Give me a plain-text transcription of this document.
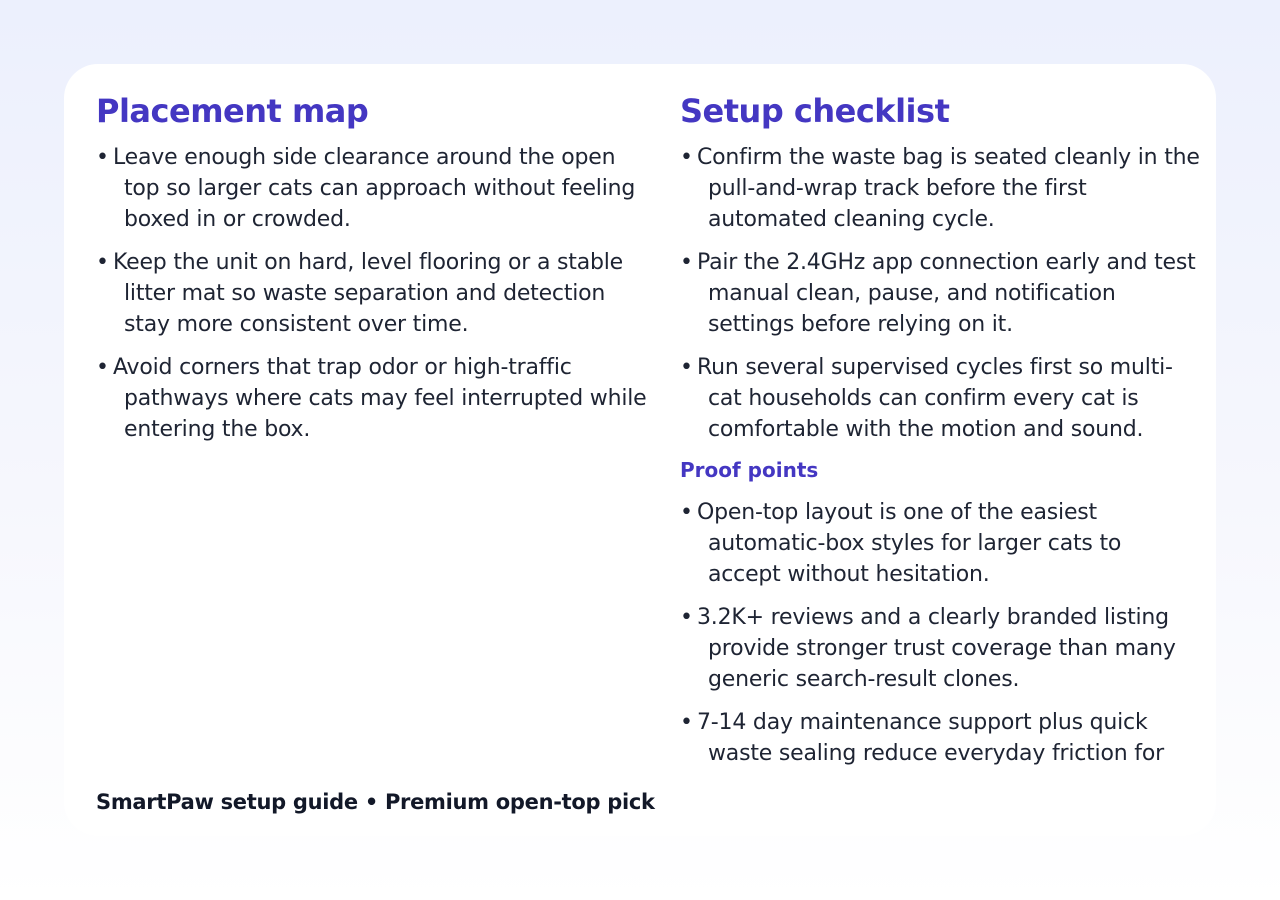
Placement map
• Leave enough side clearance around the open top so larger cats can approach without feeling boxed in or crowded.
• Keep the unit on hard, level flooring or a stable litter mat so waste separation and detection stay more consistent over time.
• Avoid corners that trap odor or high-traffic pathways where cats may feel interrupted while entering the box.
Setup checklist
• Confirm the waste bag is seated cleanly in the pull-and-wrap track before the first automated cleaning cycle.
• Pair the 2.4GHz app connection early and test manual clean, pause, and notification settings before relying on it.
• Run several supervised cycles first so multi-cat households can confirm every cat is comfortable with the motion and sound.
Proof points
• Open-top layout is one of the easiest automatic-box styles for larger cats to accept without hesitation.
• 3.2K+ reviews and a clearly branded listing provide stronger trust coverage than many generic search-result clones.
• 7-14 day maintenance support plus quick waste sealing reduce everyday friction for
SmartPaw setup guide • Premium open-top pick
